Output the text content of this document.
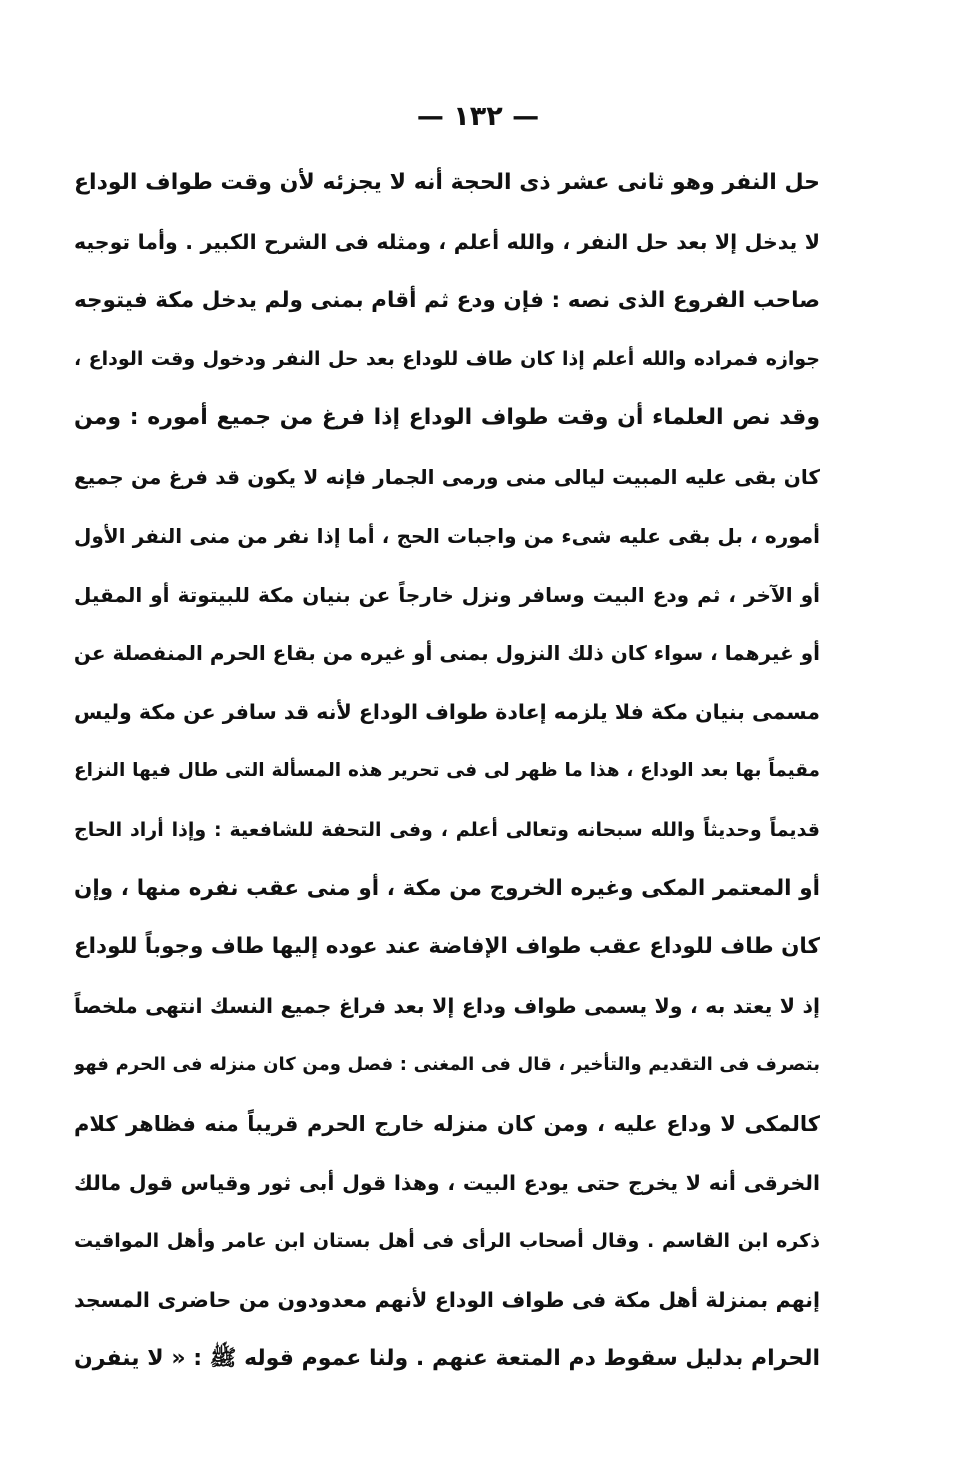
— ١٣٢ —
حل النفر وهو ثانى عشر ذى الحجة أنه لا يجزئه لأن وقت طواف الوداع
لا يدخل إلا بعد حل النفر ، والله أعلم ، ومثله فى الشرح الكبير . وأما توجيه
صاحب الفروع الذى نصه : فإن ودع ثم أقام بمنى ولم يدخل مكة فيتوجه
جوازه فمراده والله أعلم إذا كان طاف للوداع بعد حل النفر ودخول وقت الوداع ،
وقد نص العلماء أن وقت طواف الوداع إذا فرغ من جميع أموره : ومن
كان بقى عليه المبيت ليالى منى ورمى الجمار فإنه لا يكون قد فرغ من جميع
أموره ، بل بقى عليه شىء من واجبات الحج ، أما إذا نفر من منى النفر الأول
أو الآخر ، ثم ودع البيت وسافر ونزل خارجاً عن بنيان مكة للبيتوتة أو المقيل
أو غيرهما ، سواء كان ذلك النزول بمنى أو غيره من بقاع الحرم المنفصلة عن
مسمى بنيان مكة فلا يلزمه إعادة طواف الوداع لأنه قد سافر عن مكة وليس
مقيماً بها بعد الوداع ، هذا ما ظهر لى فى تحرير هذه المسألة التى طال فيها النزاع
قديماً وحديثاً والله سبحانه وتعالى أعلم ، وفى التحفة للشافعية : وإذا أراد الحاج
أو المعتمر المكى وغيره الخروج من مكة ، أو منى عقب نفره منها ، وإن
كان طاف للوداع عقب طواف الإفاضة عند عوده إليها طاف وجوباً للوداع
إذ لا يعتد به ، ولا يسمى طواف وداع إلا بعد فراغ جميع النسك انتهى ملخصاً
بتصرف فى التقديم والتأخير ، قال فى المغنى : فصل ومن كان منزله فى الحرم فهو
كالمكى لا وداع عليه ، ومن كان منزله خارج الحرم قريباً منه فظاهر كلام
الخرقى أنه لا يخرج حتى يودع البيت ، وهذا قول أبى ثور وقياس قول مالك
ذكره ابن القاسم . وقال أصحاب الرأى فى أهل بستان ابن عامر وأهل المواقيت
إنهم بمنزلة أهل مكة فى طواف الوداع لأنهم معدودون من حاضرى المسجد
الحرام بدليل سقوط دم المتعة عنهم . ولنا عموم قوله ﷺ : « لا ينفرن
